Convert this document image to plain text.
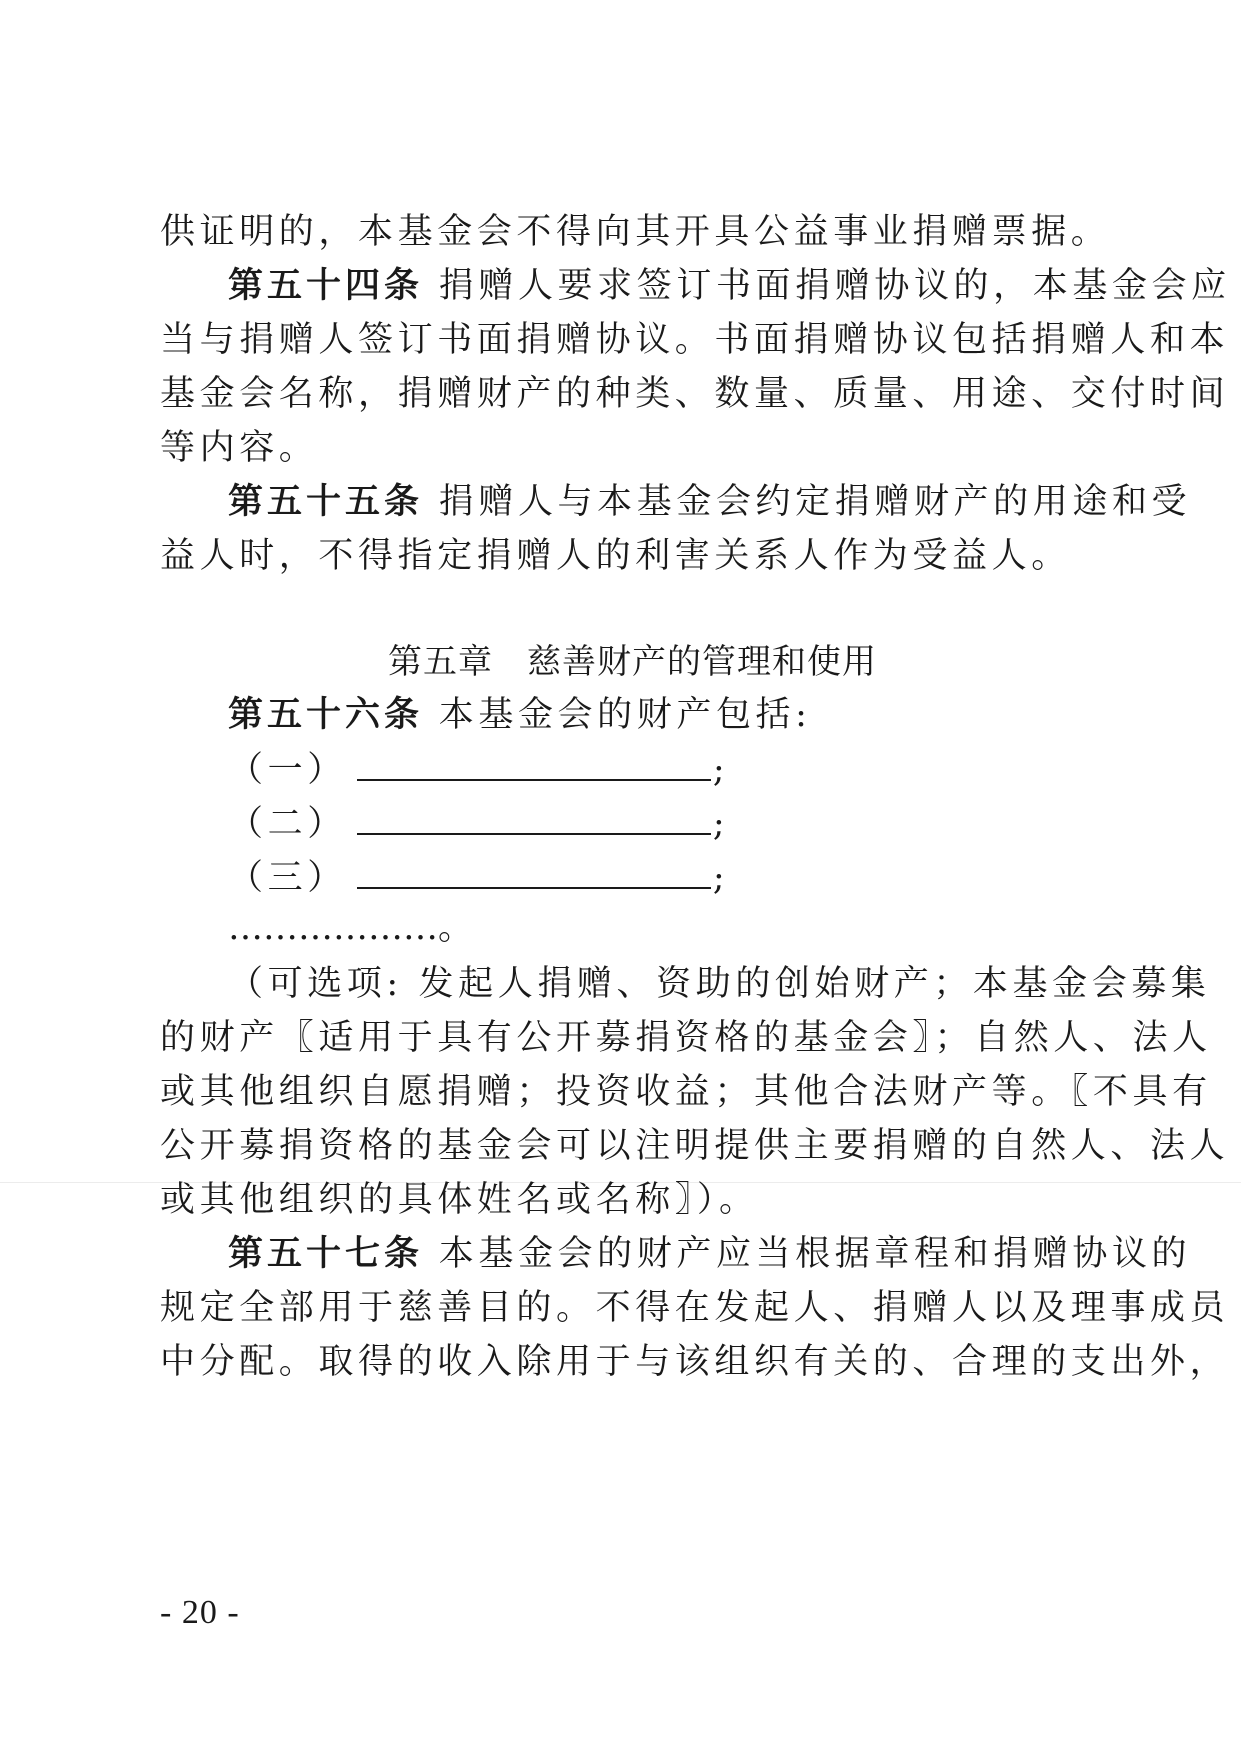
供证明的，本基金会不得向其开具公益事业捐赠票据。
第五十四条 捐赠人要求签订书面捐赠协议的，本基金会应
当与捐赠人签订书面捐赠协议。书面捐赠协议包括捐赠人和本
基金会名称，捐赠财产的种类、数量、质量、用途、交付时间
等内容。
第五十五条 捐赠人与本基金会约定捐赠财产的用途和受
益人时，不得指定捐赠人的利害关系人作为受益人。
第五章 慈善财产的管理和使用
第五十六条 本基金会的财产包括:
（一）	;
（二）	;
（三）	;
………………。
（可选项: 发起人捐赠、资助的创始财产；本基金会募集
的财产〖适用于具有公开募捐资格的基金会〗；自然人、法人
或其他组织自愿捐赠；投资收益；其他合法财产等。〖不具有
公开募捐资格的基金会可以注明提供主要捐赠的自然人、法人
或其他组织的具体姓名或名称〗）。
第五十七条 本基金会的财产应当根据章程和捐赠协议的
规定全部用于慈善目的。不得在发起人、捐赠人以及理事成员
中分配。取得的收入除用于与该组织有关的、合理的支出外，
- 20 -
